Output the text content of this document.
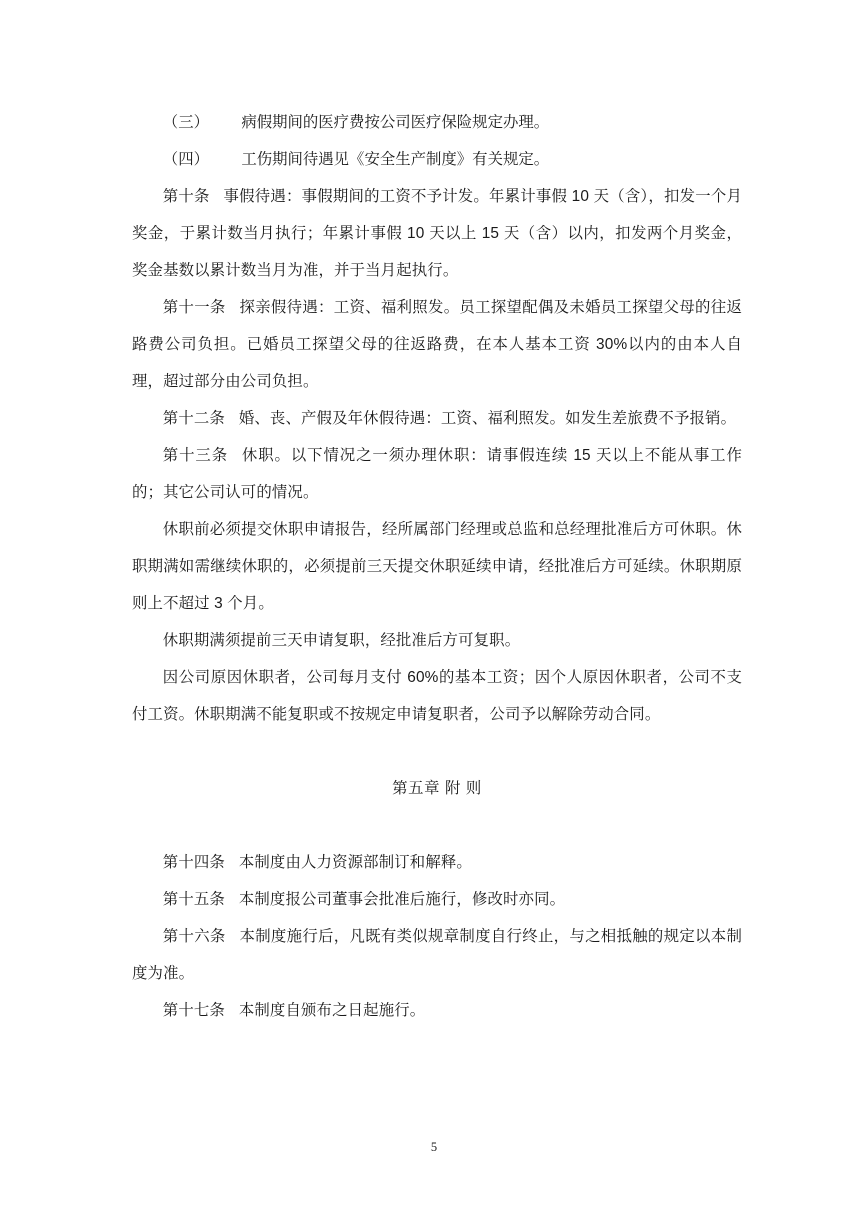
（三）	病假期间的医疗费按公司医疗保险规定办理。
（四）	工伤期间待遇见《安全生产制度》有关规定。

第十条 事假待遇：事假期间的工资不予计发。年累计事假 10 天（含），扣发一个月奖金，于累计数当月执行；年累计事假 10 天以上 15 天（含）以内，扣发两个月奖金，奖金基数以累计数当月为准，并于当月起执行。

第十一条 探亲假待遇：工资、福利照发。员工探望配偶及未婚员工探望父母的往返路费公司负担。已婚员工探望父母的往返路费，在本人基本工资 30%以内的由本人自理，超过部分由公司负担。

第十二条 婚、丧、产假及年休假待遇：工资、福利照发。如发生差旅费不予报销。

第十三条 休职。以下情况之一须办理休职：请事假连续 15 天以上不能从事工作的；其它公司认可的情况。

休职前必须提交休职申请报告，经所属部门经理或总监和总经理批准后方可休职。休职期满如需继续休职的，必须提前三天提交休职延续申请，经批准后方可延续。休职期原则上不超过 3 个月。

休职期满须提前三天申请复职，经批准后方可复职。

因公司原因休职者，公司每月支付 60%的基本工资；因个人原因休职者，公司不支付工资。休职期满不能复职或不按规定申请复职者，公司予以解除劳动合同。

第五章 附 则

第十四条 本制度由人力资源部制订和解释。

第十五条 本制度报公司董事会批准后施行，修改时亦同。

第十六条 本制度施行后，凡既有类似规章制度自行终止，与之相抵触的规定以本制度为准。

第十七条 本制度自颁布之日起施行。

5
